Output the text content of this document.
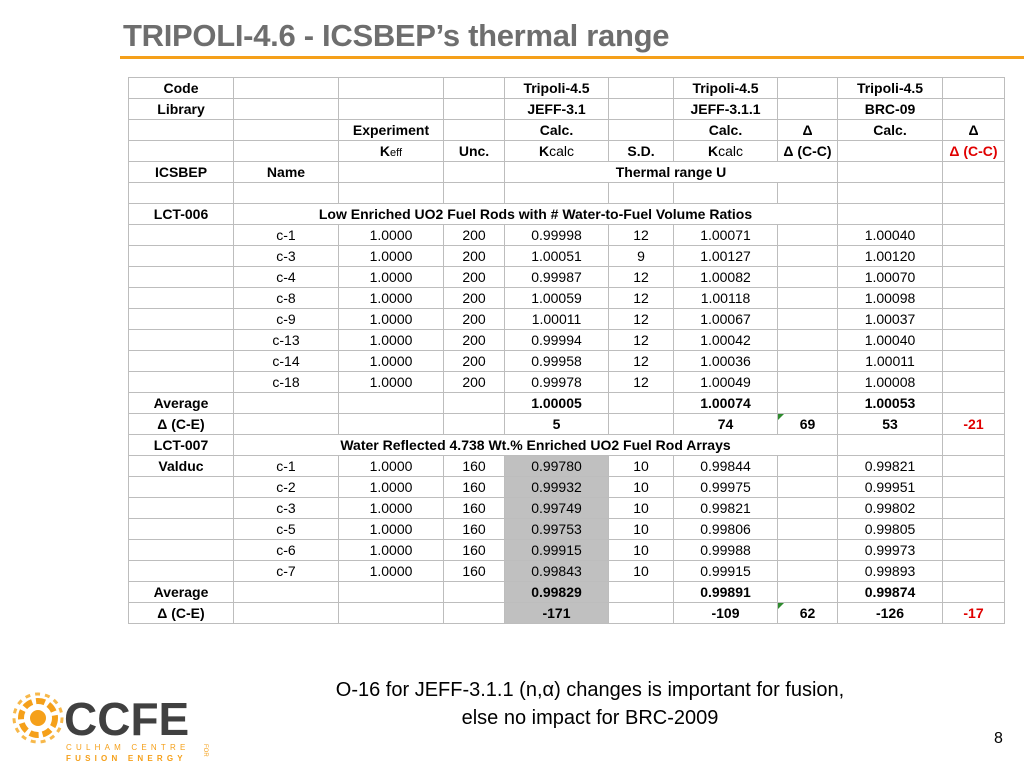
TRIPOLI-4.6 - ICSBEP’s thermal range
Code				Tripoli-4.5		Tripoli-4.5		Tripoli-4.5	
Library				JEFF-3.1		JEFF-3.1.1		BRC-09	
		Experiment		Calc.		Calc.	Δ	Calc.	Δ
		Keff	Unc.	Kcalc	S.D.	Kcalc	Δ (C-C)		Δ (C-C)
ICSBEP	Name			Thermal range U					

LCT-006	Low Enriched UO2 Fuel Rods with # Water-to-Fuel Volume Ratios								
	c-1	1.0000	200	0.99998	12	1.00071		1.00040	
	c-3	1.0000	200	1.00051	9	1.00127		1.00120	
	c-4	1.0000	200	0.99987	12	1.00082		1.00070	
	c-8	1.0000	200	1.00059	12	1.00118		1.00098	
	c-9	1.0000	200	1.00011	12	1.00067		1.00037	
	c-13	1.0000	200	0.99994	12	1.00042		1.00040	
	c-14	1.0000	200	0.99958	12	1.00036		1.00011	
	c-18	1.0000	200	0.99978	12	1.00049		1.00008	
Average				1.00005		1.00074		1.00053	
Δ (C-E)				5		74	69	53	-21
LCT-007	Water Reflected 4.738 Wt.% Enriched UO2 Fuel Rod Arrays								
Valduc	c-1	1.0000	160	0.99780	10	0.99844		0.99821	
	c-2	1.0000	160	0.99932	10	0.99975		0.99951	
	c-3	1.0000	160	0.99749	10	0.99821		0.99802	
	c-5	1.0000	160	0.99753	10	0.99806		0.99805	
	c-6	1.0000	160	0.99915	10	0.99988		0.99973	
	c-7	1.0000	160	0.99843	10	0.99915		0.99893	
Average				0.99829		0.99891		0.99874	
Δ (C-E)				-171		-109	62	-126	-17
O-16 for JEFF-3.1.1 (n,α) changes is important for fusion,
else no impact for BRC-2009
8
CCFE
CULHAM CENTRE
FUSION ENERGY
FOR
